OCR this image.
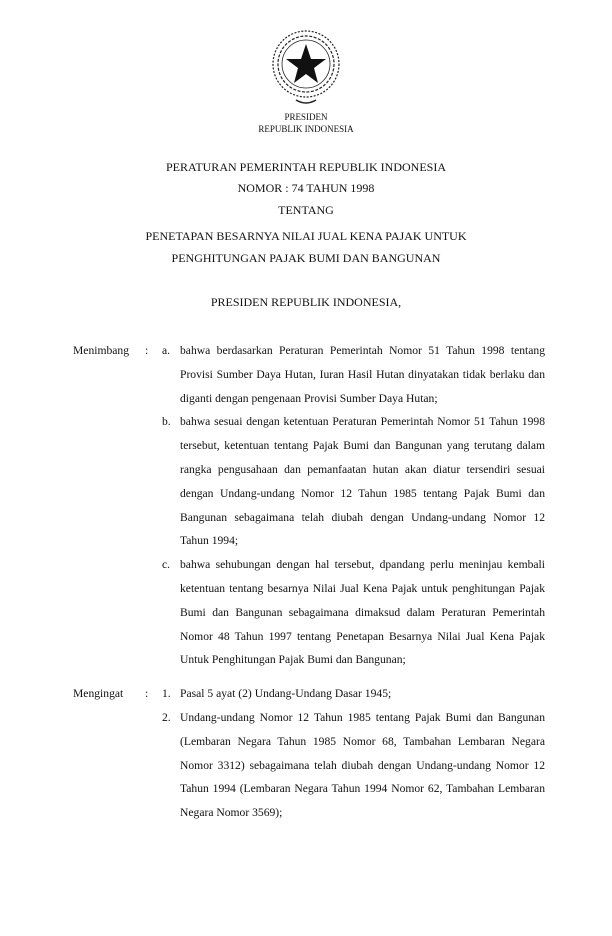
PRESIDEN
REPUBLIK INDONESIA
PERATURAN PEMERINTAH REPUBLIK INDONESIA
NOMOR : 74 TAHUN 1998
TENTANG
PENETAPAN BESARNYA NILAI JUAL KENA PAJAK UNTUK
PENGHITUNGAN PAJAK BUMI DAN BANGUNAN
PRESIDEN REPUBLIK INDONESIA,
Menimbang : a. bahwa berdasarkan Peraturan Pemerintah Nomor 51 Tahun 1998 tentang Provisi Sumber Daya Hutan, Iuran Hasil Hutan dinyatakan tidak berlaku dan diganti dengan pengenaan Provisi Sumber Daya Hutan;
b. bahwa sesuai dengan ketentuan Peraturan Pemerintah Nomor 51 Tahun 1998 tersebut, ketentuan tentang Pajak Bumi dan Bangunan yang terutang dalam rangka pengusahaan dan pemanfaatan hutan akan diatur tersendiri sesuai dengan Undang-undang Nomor 12 Tahun 1985 tentang Pajak Bumi dan Bangunan sebagaimana telah diubah dengan Undang-undang Nomor 12 Tahun 1994;
c. bahwa sehubungan dengan hal tersebut, dpandang perlu meninjau kembali ketentuan tentang besarnya Nilai Jual Kena Pajak untuk penghitungan Pajak Bumi dan Bangunan sebagaimana dimaksud dalam Peraturan Pemerintah Nomor 48 Tahun 1997 tentang Penetapan Besarnya Nilai Jual Kena Pajak Untuk Penghitungan Pajak Bumi dan Bangunan;
Mengingat : 1. Pasal 5 ayat (2) Undang-Undang Dasar 1945;
2. Undang-undang Nomor 12 Tahun 1985 tentang Pajak Bumi dan Bangunan (Lembaran Negara Tahun 1985 Nomor 68, Tambahan Lembaran Negara Nomor 3312) sebagaimana telah diubah dengan Undang-undang Nomor 12 Tahun 1994 (Lembaran Negara Tahun 1994 Nomor 62, Tambahan Lembaran Negara Nomor 3569);
